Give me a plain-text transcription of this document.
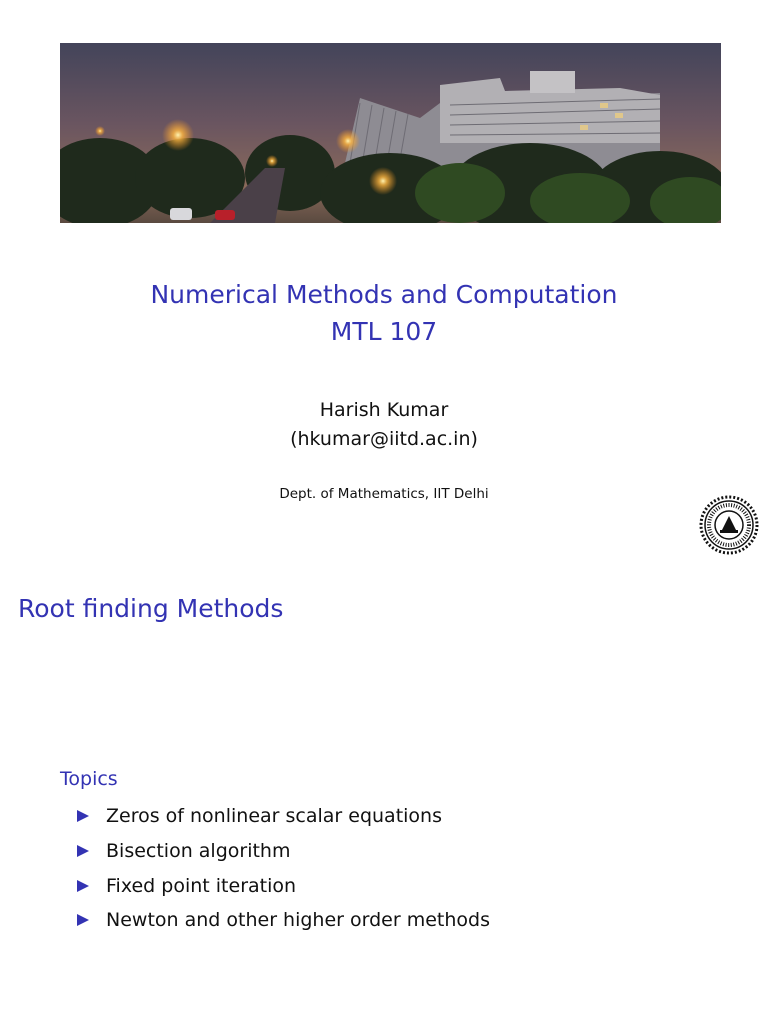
Numerical Methods and Computation
MTL 107
Harish Kumar
(hkumar@iitd.ac.in)
Dept. of Mathematics, IIT Delhi
Root finding Methods
Topics
Zeros of nonlinear scalar equations
Bisection algorithm
Fixed point iteration
Newton and other higher order methods
